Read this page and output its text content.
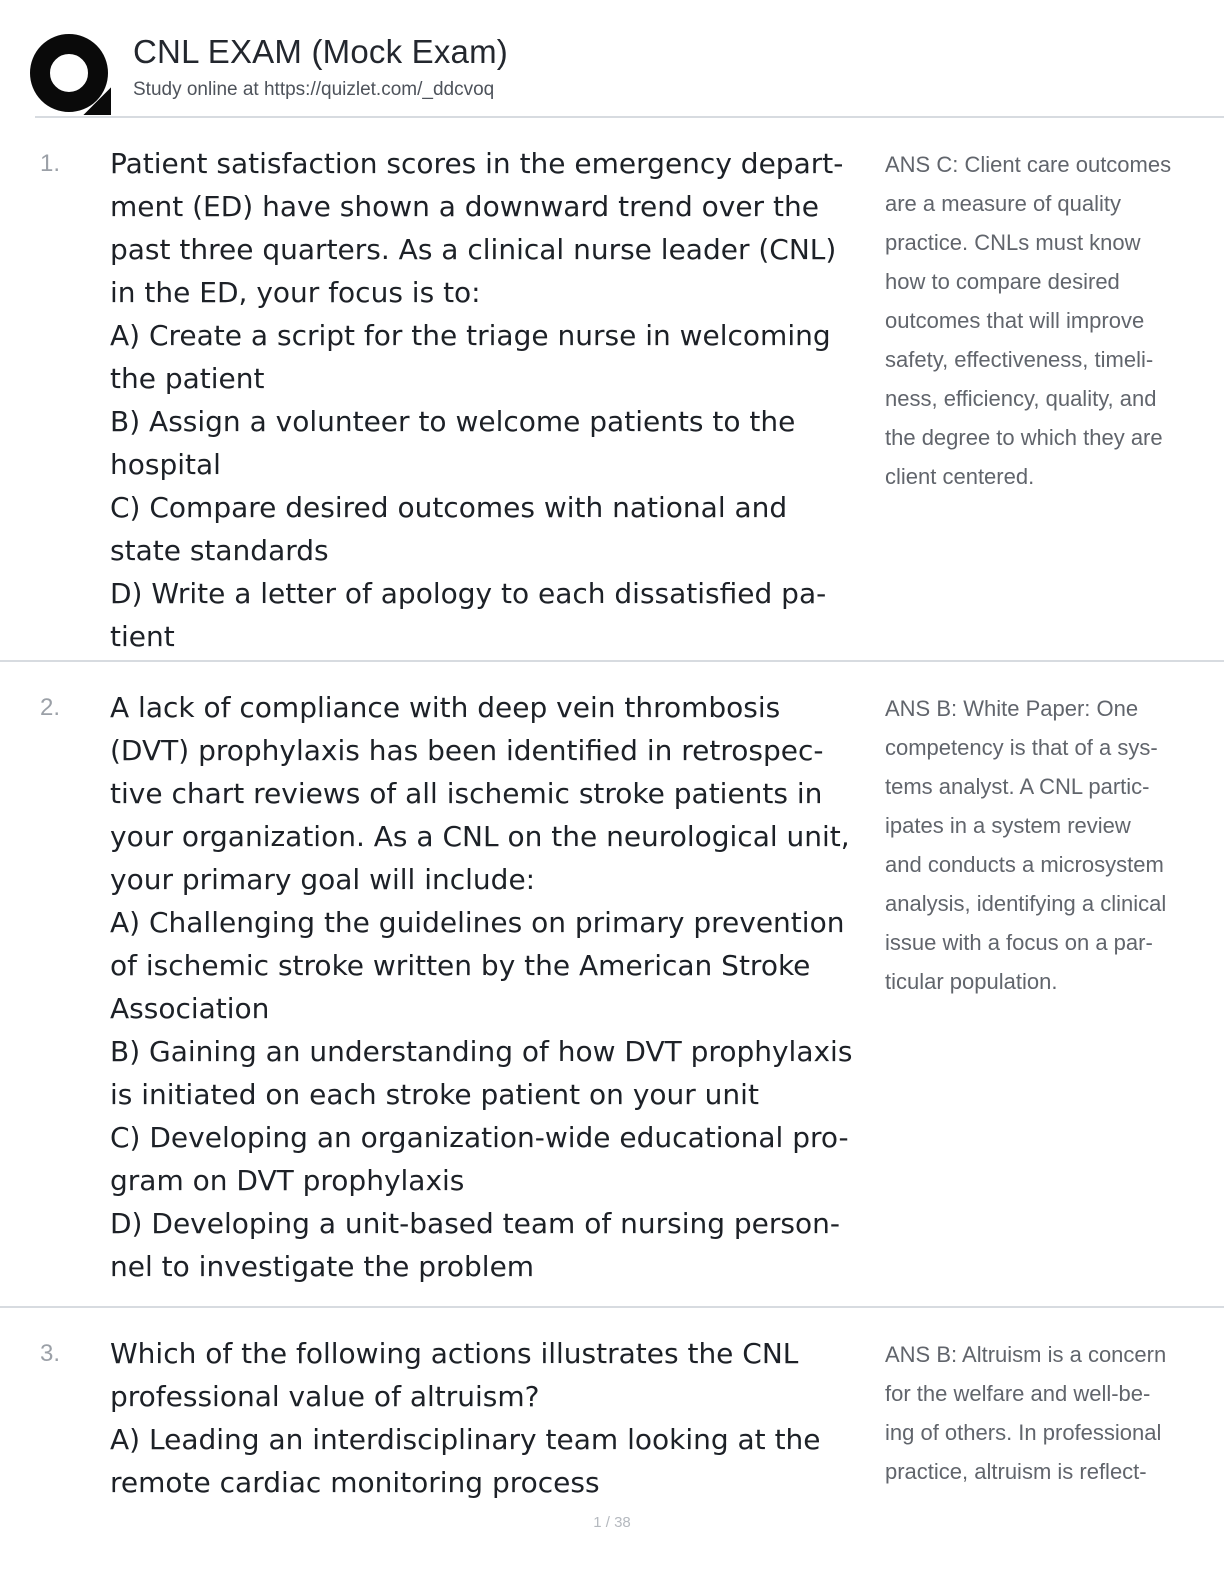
CNL EXAM (Mock Exam)
Study online at https://quizlet.com/_ddcvoq
1.	Patient satisfaction scores in the emergency depart-
ment (ED) have shown a downward trend over the
past three quarters. As a clinical nurse leader (CNL)
in the ED, your focus is to:
A) Create a script for the triage nurse in welcoming
the patient
B) Assign a volunteer to welcome patients to the
hospital
C) Compare desired outcomes with national and
state standards
D) Write a letter of apology to each dissatisfied pa-
tient
ANS C: Client care outcomes
are a measure of quality
practice. CNLs must know
how to compare desired
outcomes that will improve
safety, effectiveness, timeli-
ness, efficiency, quality, and
the degree to which they are
client centered.
2.	A lack of compliance with deep vein thrombosis
(DVT) prophylaxis has been identified in retrospec-
tive chart reviews of all ischemic stroke patients in
your organization. As a CNL on the neurological unit,
your primary goal will include:
A) Challenging the guidelines on primary prevention
of ischemic stroke written by the American Stroke
Association
B) Gaining an understanding of how DVT prophylaxis
is initiated on each stroke patient on your unit
C) Developing an organization-wide educational pro-
gram on DVT prophylaxis
D) Developing a unit-based team of nursing person-
nel to investigate the problem
ANS B: White Paper: One
competency is that of a sys-
tems analyst. A CNL partic-
ipates in a system review
and conducts a microsystem
analysis, identifying a clinical
issue with a focus on a par-
ticular population.
3.	Which of the following actions illustrates the CNL
professional value of altruism?
A) Leading an interdisciplinary team looking at the
remote cardiac monitoring process
ANS B: Altruism is a concern
for the welfare and well-be-
ing of others. In professional
practice, altruism is reflect-
1 / 38
